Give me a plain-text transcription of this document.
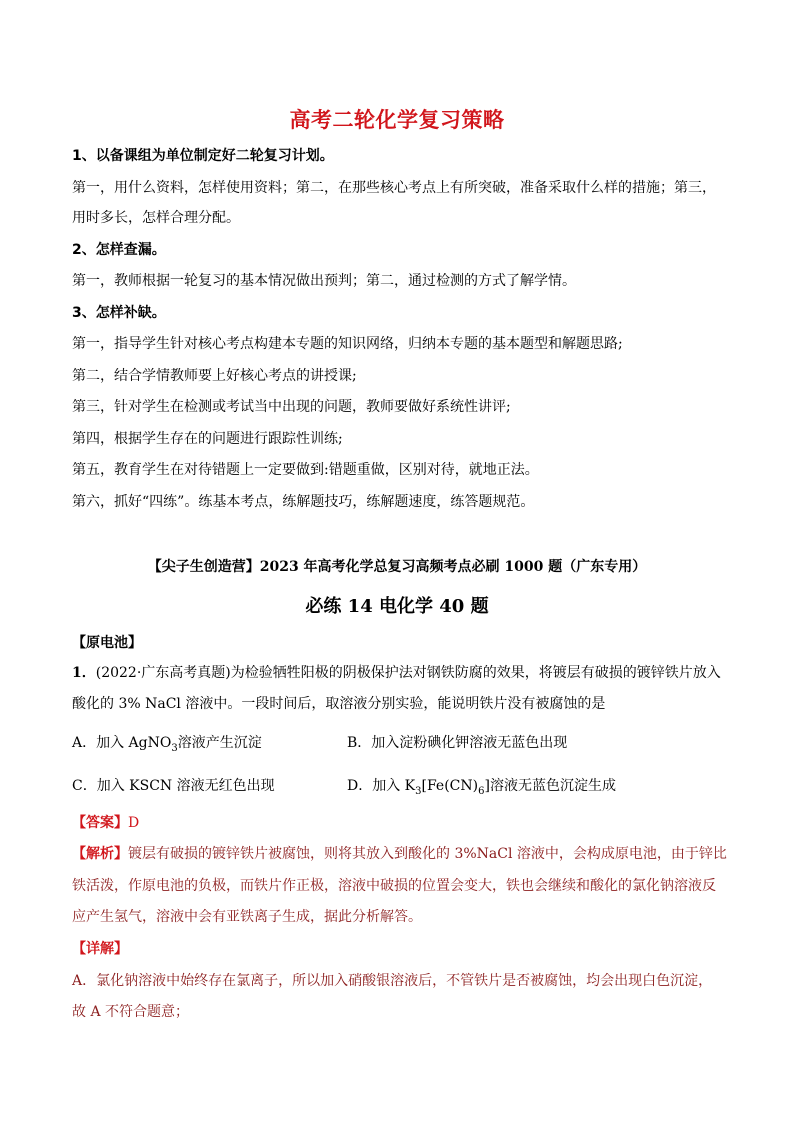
高考二轮化学复习策略
1、以备课组为单位制定好二轮复习计划。
第一，用什么资料，怎样使用资料；第二，在那些核心考点上有所突破，准备采取什么样的措施；第三，
用时多长，怎样合理分配。
2、怎样查漏。
第一，教师根据一轮复习的基本情况做出预判；第二，通过检测的方式了解学情。
3、怎样补缺。
第一，指导学生针对核心考点构建本专题的知识网络，归纳本专题的基本题型和解题思路;
第二，结合学情教师要上好核心考点的讲授课;
第三，针对学生在检测或考试当中出现的问题，教师要做好系统性讲评;
第四，根据学生存在的问题进行跟踪性训练;
第五，教育学生在对待错题上一定要做到:错题重做，区别对待，就地正法。
第六，抓好“四练”。练基本考点，练解题技巧，练解题速度，练答题规范。
【尖子生创造营】2023 年高考化学总复习高频考点必刷 1000 题（广东专用）
必练 14 电化学 40 题
【原电池】
1．(2022·广东高考真题)为检验牺牲阳极的阴极保护法对钢铁防腐的效果，将镀层有破损的镀锌铁片放入
酸化的 3% NaCl 溶液中。一段时间后，取溶液分别实验，能说明铁片没有被腐蚀的是
A．加入 AgNO$_3$溶液产生沉淀	B．加入淀粉碘化钾溶液无蓝色出现
C．加入 KSCN 溶液无红色出现	D．加入 $K_3[Fe(CN)_6]$溶液无蓝色沉淀生成
【答案】D
【解析】镀层有破损的镀锌铁片被腐蚀，则将其放入到酸化的 3%NaCl 溶液中，会构成原电池，由于锌比
铁活泼，作原电池的负极，而铁片作正极，溶液中破损的位置会变大，铁也会继续和酸化的氯化钠溶液反
应产生氢气，溶液中会有亚铁离子生成，据此分析解答。
【详解】
A．氯化钠溶液中始终存在氯离子，所以加入硝酸银溶液后，不管铁片是否被腐蚀，均会出现白色沉淀，
故 A 不符合题意；
